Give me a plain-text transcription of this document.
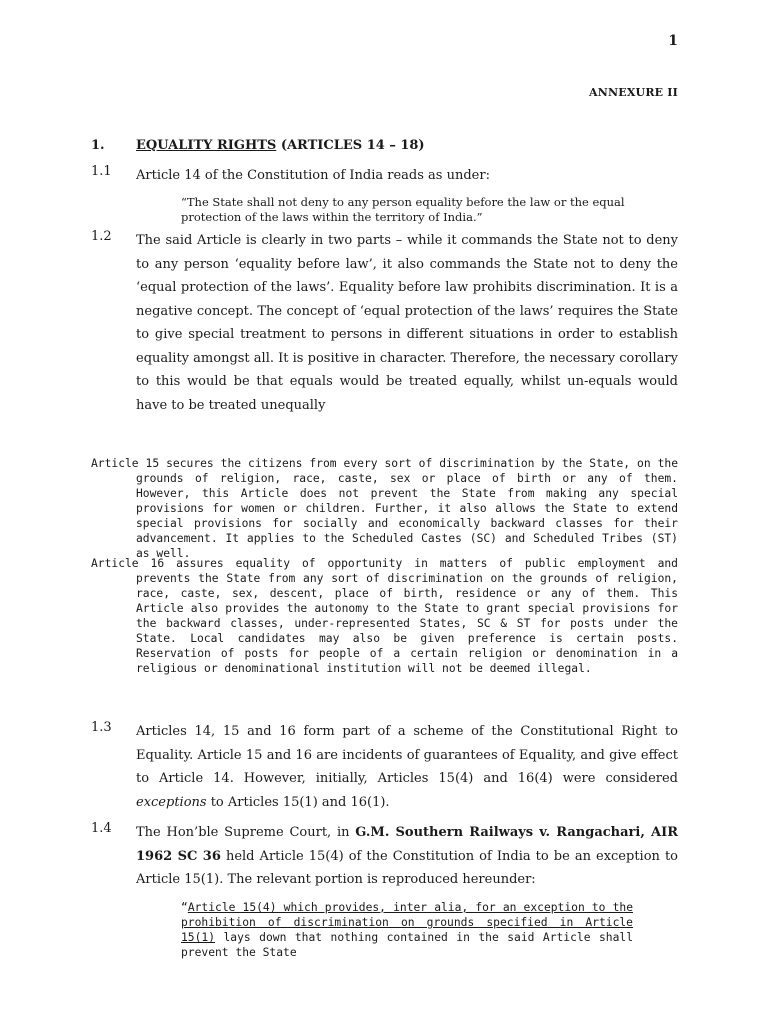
1
ANNEXURE II
1.	EQUALITY RIGHTS (ARTICLES 14 – 18)
1.1	Article 14 of the Constitution of India reads as under:
“The State shall not deny to any person equality before the law or the equal protection of the laws within the territory of India.”
1.2	The said Article is clearly in two parts – while it commands the State not to deny to any person ‘equality before law’, it also commands the State not to deny the ‘equal protection of the laws’. Equality before law prohibits discrimination. It is a negative concept. The concept of ‘equal protection of the laws’ requires the State to give special treatment to persons in different situations in order to establish equality amongst all. It is positive in character. Therefore, the necessary corollary to this would be that equals would be treated equally, whilst un-equals would have to be treated unequally
Article 15 secures the citizens from every sort of discrimination by the State, on the grounds of religion, race, caste, sex or place of birth or any of them. However, this Article does not prevent the State from making any special provisions for women or children. Further, it also allows the State to extend special provisions for socially and economically backward classes for their advancement. It applies to the Scheduled Castes (SC) and Scheduled Tribes (ST) as well.
Article 16 assures equality of opportunity in matters of public employment and prevents the State from any sort of discrimination on the grounds of religion, race, caste, sex, descent, place of birth, residence or any of them. This Article also provides the autonomy to the State to grant special provisions for the backward classes, under-represented States, SC & ST for posts under the State. Local candidates may also be given preference is certain posts. Reservation of posts for people of a certain religion or denomination in a religious or denominational institution will not be deemed illegal.
1.3	Articles 14, 15 and 16 form part of a scheme of the Constitutional Right to Equality. Article 15 and 16 are incidents of guarantees of Equality, and give effect to Article 14. However, initially, Articles 15(4) and 16(4) were considered exceptions to Articles 15(1) and 16(1).
1.4	The Hon’ble Supreme Court, in G.M. Southern Railways v. Rangachari, AIR 1962 SC 36 held Article 15(4) of the Constitution of India to be an exception to Article 15(1). The relevant portion is reproduced hereunder:
“Article 15(4) which provides, inter alia, for an exception to the prohibition of discrimination on grounds specified in Article 15(1) lays down that nothing contained in the said Article shall prevent the State
